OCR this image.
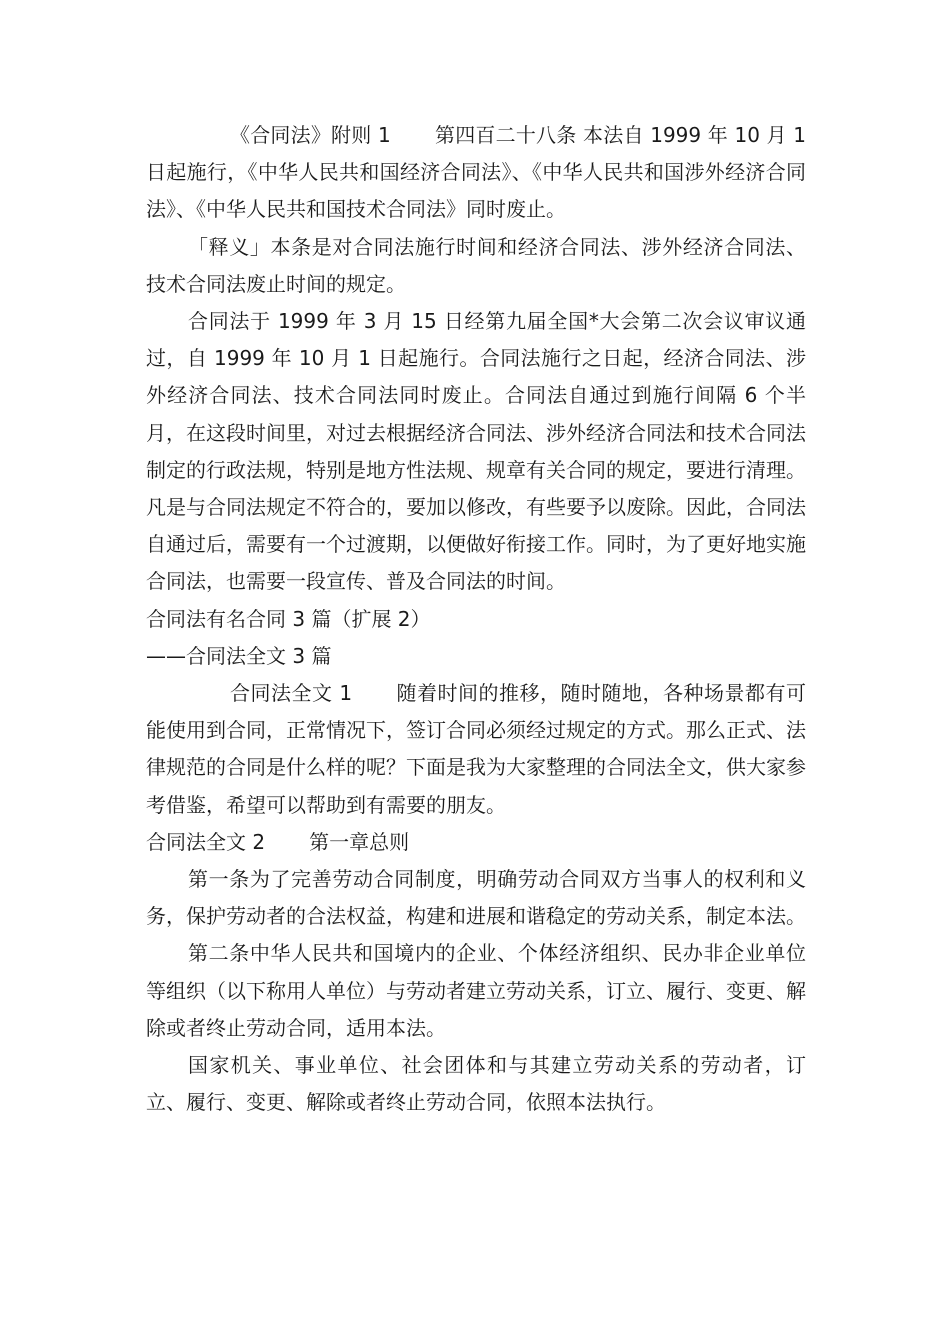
《合同法》附则 1 第四百二十八条 本法自 1999 年 10 月 1 日起施行，《中华人民共和国经济合同法》、《中华人民共和国涉外经济合同法》、《中华人民共和国技术合同法》同时废止。

「释义」本条是对合同法施行时间和经济合同法、涉外经济合同法、技术合同法废止时间的规定。

合同法于 1999 年 3 月 15 日经第九届全国*大会第二次会议审议通过，自 1999 年 10 月 1 日起施行。合同法施行之日起，经济合同法、涉外经济合同法、技术合同法同时废止。合同法自通过到施行间隔 6 个半月，在这段时间里，对过去根据经济合同法、涉外经济合同法和技术合同法制定的行政法规，特别是地方性法规、规章有关合同的规定，要进行清理。凡是与合同法规定不符合的，要加以修改，有些要予以废除。因此，合同法自通过后，需要有一个过渡期，以便做好衔接工作。同时，为了更好地实施合同法，也需要一段宣传、普及合同法的时间。

合同法有名合同 3 篇（扩展 2）

——合同法全文 3 篇

合同法全文 1 随着时间的推移，随时随地，各种场景都有可能使用到合同，正常情况下，签订合同必须经过规定的方式。那么正式、法律规范的合同是什么样的呢？下面是我为大家整理的合同法全文，供大家参考借鉴，希望可以帮助到有需要的朋友。

合同法全文 2 第一章总则

第一条为了完善劳动合同制度，明确劳动合同双方当事人的权利和义务，保护劳动者的合法权益，构建和进展和谐稳定的劳动关系，制定本法。

第二条中华人民共和国境内的企业、个体经济组织、民办非企业单位等组织（以下称用人单位）与劳动者建立劳动关系，订立、履行、变更、解除或者终止劳动合同，适用本法。

国家机关、事业单位、社会团体和与其建立劳动关系的劳动者，订立、履行、变更、解除或者终止劳动合同，依照本法执行。
